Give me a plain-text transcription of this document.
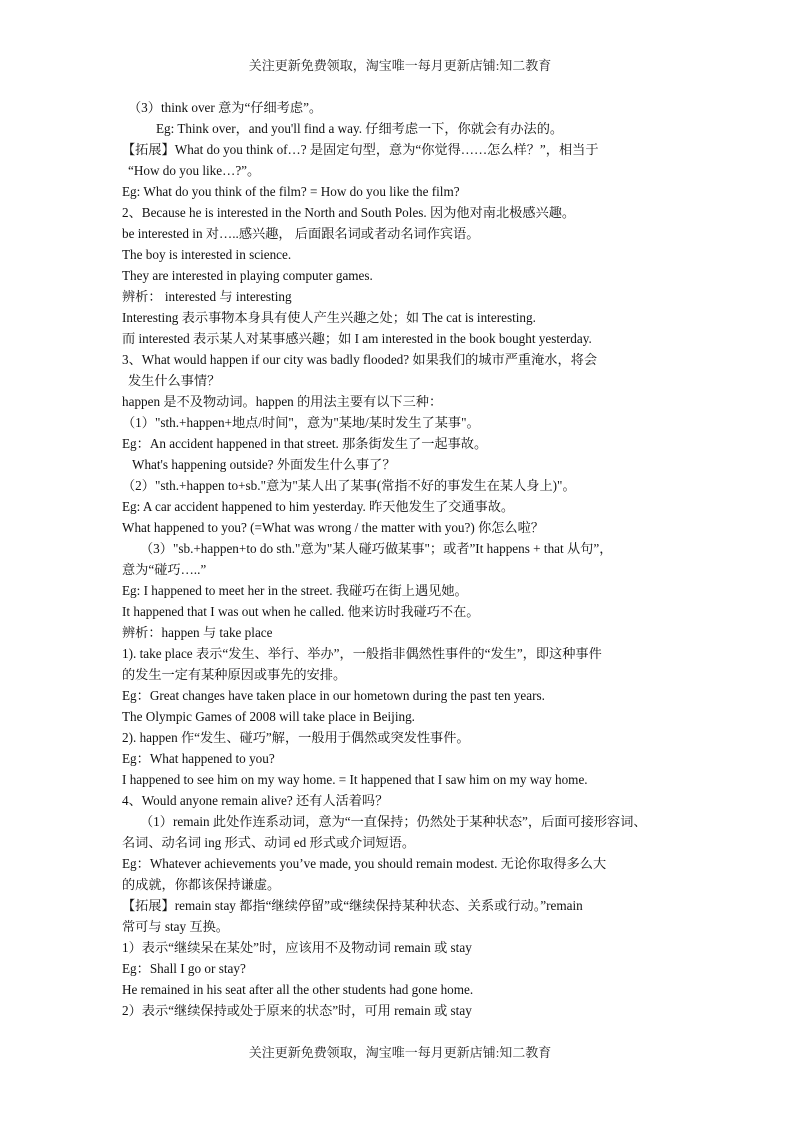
关注更新免费领取，淘宝唯一每月更新店铺:知二教育
（3）think over 意为“仔细考虑”。
Eg: Think over，and you'll find a way. 仔细考虑一下，你就会有办法的。
【拓展】What do you think of…? 是固定句型，意为“你觉得……怎么样？”，相当于
“How do you like…?”。
Eg: What do you think of the film? = How do you like the film?
2、Because he is interested in the North and South Poles. 因为他对南北极感兴趣。
be interested in 对…..感兴趣， 后面跟名词或者动名词作宾语。
The boy is interested in science.
They are interested in playing computer games.
辨析： interested 与 interesting
Interesting 表示事物本身具有使人产生兴趣之处；如 The cat is interesting.
而 interested 表示某人对某事感兴趣；如 I am interested in the book bought yesterday.
3、What would happen if our city was badly flooded? 如果我们的城市严重淹水，将会
发生什么事情？
happen 是不及物动词。happen 的用法主要有以下三种：
（1）"sth.+happen+地点/时间"，意为"某地/某时发生了某事"。
Eg：An accident happened in that street. 那条街发生了一起事故。
What's happening outside? 外面发生什么事了？
（2）"sth.+happen to+sb."意为"某人出了某事(常指不好的事发生在某人身上)"。
Eg: A car accident happened to him yesterday. 昨天他发生了交通事故。
What happened to you? (=What was wrong / the matter with you?) 你怎么啦？
（3）"sb.+happen+to do sth."意为"某人碰巧做某事"；或者”It happens + that 从句”，
意为“碰巧…..”
Eg: I happened to meet her in the street. 我碰巧在街上遇见她。
It happened that I was out when he called. 他来访时我碰巧不在。
辨析：happen 与 take place
1). take place 表示“发生、举行、举办”，一般指非偶然性事件的“发生”，即这种事件
的发生一定有某种原因或事先的安排。
Eg：Great changes have taken place in our hometown during the past ten years.
The Olympic Games of 2008 will take place in Beijing.
2). happen 作“发生、碰巧”解，一般用于偶然或突发性事件。
Eg：What happened to you?
I happened to see him on my way home. = It happened that I saw him on my way home.
4、Would anyone remain alive? 还有人活着吗？
（1）remain 此处作连系动词，意为“一直保持；仍然处于某种状态”，后面可接形容词、
名词、动名词 ing 形式、动词 ed 形式或介词短语。
Eg：Whatever achievements you’ve made, you should remain modest. 无论你取得多么大
的成就，你都该保持谦虚。
【拓展】remain stay 都指“继续停留”或“继续保持某种状态、关系或行动。”remain
常可与 stay 互换。
1）表示“继续呆在某处”时，应该用不及物动词 remain 或 stay
Eg：Shall I go or stay?
He remained in his seat after all the other students had gone home.
2）表示“继续保持或处于原来的状态”时，可用 remain 或 stay
关注更新免费领取，淘宝唯一每月更新店铺:知二教育
